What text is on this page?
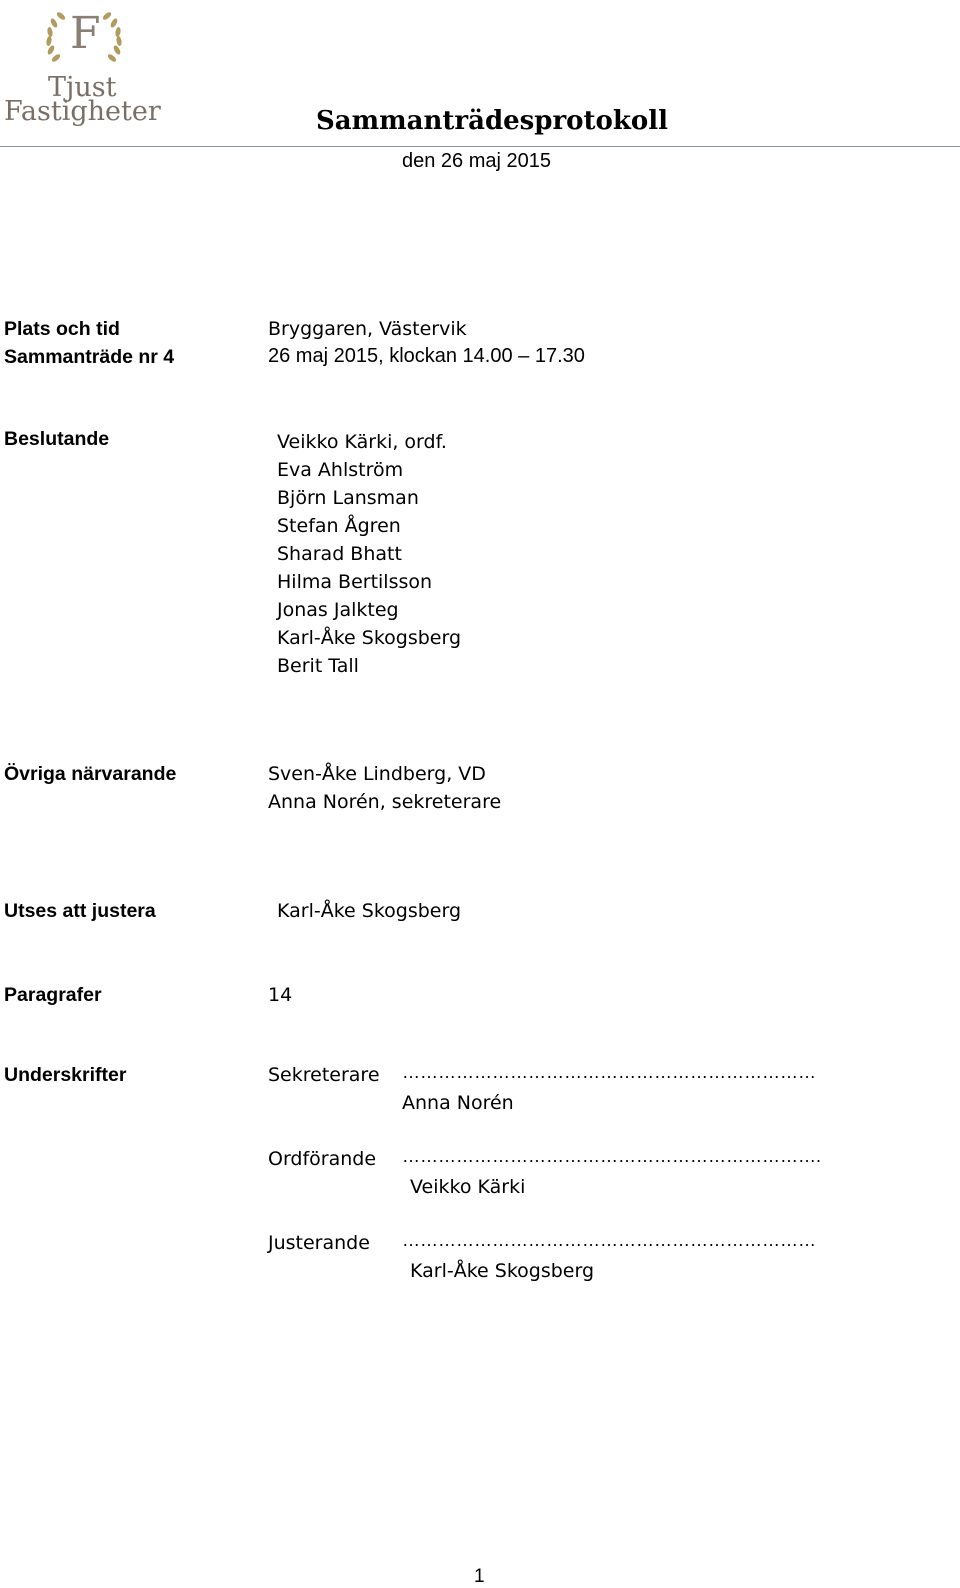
F
Tjust
Fastigheter	Sammanträdesprotokoll
den 26 maj 2015
Plats och tid	Bryggaren, Västervik
Sammanträde nr 4	26 maj 2015, klockan 14.00 – 17.30
Beslutande	Veikko Kärki, ordf.
Eva Ahlström
Björn Lansman
Stefan Ågren
Sharad Bhatt
Hilma Bertilsson
Jonas Jalkteg
Karl-Åke Skogsberg
Berit Tall
Övriga närvarande	Sven-Åke Lindberg, VD
Anna Norén, sekreterare
Utses att justera	Karl-Åke Skogsberg
Paragrafer	14
Underskrifter	Sekreterare ……………………………………………………………
Anna Norén
Ordförande …………………………………………………………….
Veikko Kärki
Justerande ……………………………………………………………
Karl-Åke Skogsberg
1
